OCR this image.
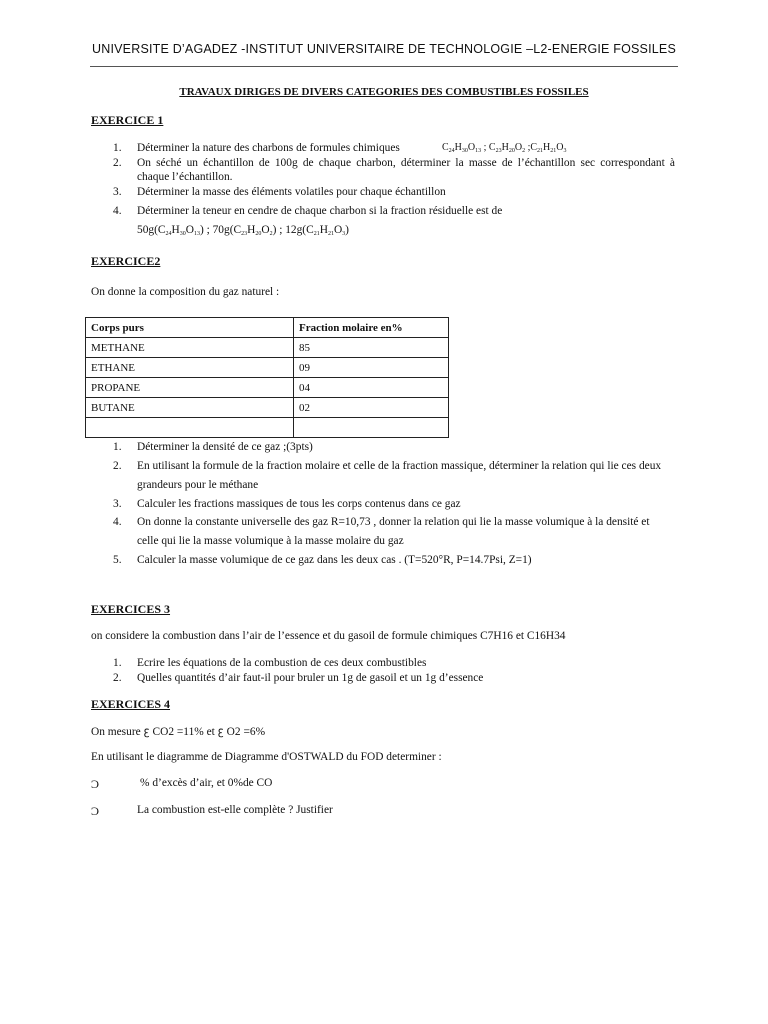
UNIVERSITE D’AGADEZ -INSTITUT UNIVERSITAIRE DE TECHNOLOGIE –L2-ENERGIE FOSSILES
TRAVAUX DIRIGES DE DIVERS CATEGORIES DES COMBUSTIBLES FOSSILES
EXERCICE 1
1. Déterminer la nature des charbons de formules chimiques	$C_{24}H_{30}O_{13}$ ; $C_{23}H_{20}O_2$ $;C_{21}H_{21}O_3$
2. On séché un échantillon de 100g de chaque charbon, déterminer la masse de l’échantillon sec correspondant à
chaque l’échantillon.
3. Déterminer la masse des éléments volatiles pour chaque échantillon
4. Déterminer la teneur en cendre de chaque charbon si la fraction résiduelle est de
$50g(C_{24}H_{30}O_{13})$ ; $70g(C_{23}H_{20}O_2)$ ; $12g(C_{21}H_{21}O_3)$
EXERCICE2
On donne la composition du gaz naturel :
Corps purs	Fraction molaire en%
METHANE	85
ETHANE	09
PROPANE	04
BUTANE	02

1. Déterminer la densité de ce gaz ;(3pts)
2. En utilisant la formule de la fraction molaire et celle de la fraction massique, déterminer la relation qui lie ces deux
grandeurs pour le méthane
3. Calculer les fractions massiques de tous les corps contenus dans ce gaz
4. On donne la constante universelle des gaz R=10,73 , donner la relation qui lie la masse volumique à la densité et
celle qui lie la masse volumique à la masse molaire du gaz
5. Calculer la masse volumique de ce gaz dans les deux cas . (T=520°R, P=14.7Psi, Z=1)
EXERCICES 3
on considere la combustion dans l’air de l’essence et du gasoil de formule chimiques C7H16 et C16H34
1. Ecrire les équations de la combustion de ces deux combustibles
2. Quelles quantités d’air faut-il pour bruler un 1g de gasoil et un 1g d’essence
EXERCICES 4
On mesure ꜫ CO2 =11% et ꜫ O2 =6%
En utilisant le diagramme de Diagramme d'OSTWALD du FOD determiner :
Ͻ	% d’excès d’air, et 0%de CO
Ͻ	La combustion est-elle complète ? Justifier
